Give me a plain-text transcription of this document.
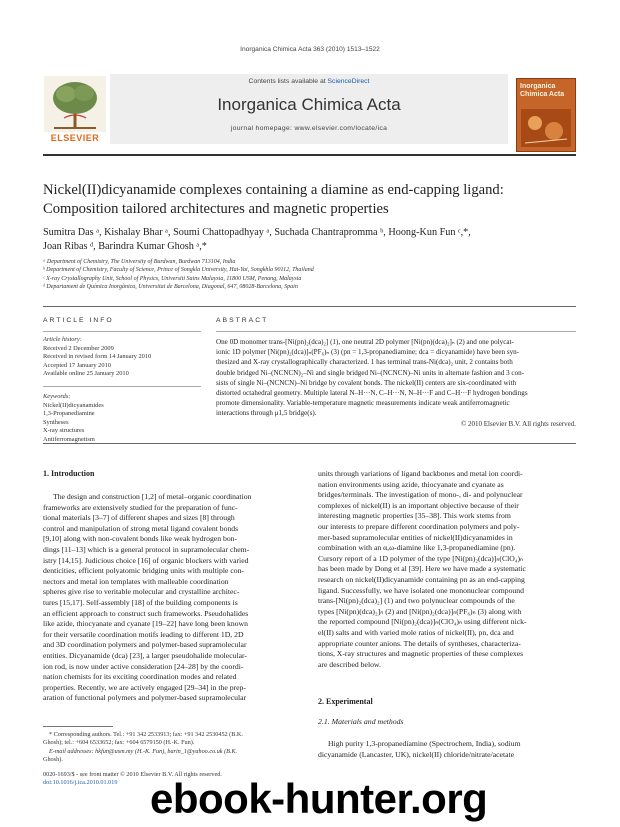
Inorganica Chimica Acta 363 (2010) 1513–1522
ELSEVIER
Contents lists available at ScienceDirect
Inorganica Chimica Acta
journal homepage: www.elsevier.com/locate/ica
Inorganica Chimica Acta
Nickel(II)dicyanamide complexes containing a diamine as end-capping ligand:
Composition tailored architectures and magnetic properties
Sumitra Das ᵃ, Kishalay Bhar ᵃ, Soumi Chattopadhyay ᵃ, Suchada Chantrapromma ᵇ, Hoong-Kun Fun ᶜ,*,
Joan Ribas ᵈ, Barindra Kumar Ghosh ᵃ,*
ᵃ Department of Chemistry, The University of Burdwan, Burdwan 713104, India
ᵇ Department of Chemistry, Faculty of Science, Prince of Songkla University, Hat-Yai, Songkhla 90112, Thailand
ᶜ X-ray Crystallography Unit, School of Physics, Universiti Sains Malaysia, 11800 USM, Penang, Malaysia
ᵈ Departament de Química Inorgànica, Universitat de Barcelona, Diagonal, 647, 08028-Barcelona, Spain
ARTICLE INFO
Article history:
Received 2 December 2009
Received in revised form 14 January 2010
Accepted 17 January 2010
Available online 25 January 2010
Keywords:
Nickel(II)dicyanamides
1,3-Propanediamine
Syntheses
X-ray structures
Antiferromagnetism
ABSTRACT
One 0D monomer trans-[Ni(pn)₂(dca)₂] (1), one neutral 2D polymer [Ni(pn)(dca)₂]ₙ (2) and one polycat-
ionic 1D polymer [Ni(pn)₂(dca)]ₙ(PF₆)ₙ (3) (pn = 1,3-propanediamine; dca = dicyanamide) have been syn-
thesized and X-ray crystallographically characterized. 1 has terminal trans-Ni(dca)₂ unit, 2 contains both
double bridged Ni–(NCNCN)₂–Ni and single bridged Ni–(NCNCN)–Ni units in alternate fashion and 3 con-
sists of single Ni–(NCNCN)–Ni bridge by covalent bonds. The nickel(II) centers are six-coordinated with
distorted octahedral geometry. Multiple lateral N–H···N, C–H···N, N–H···F and C–H···F hydrogen bondings
promote dimensionality. Variable-temperature magnetic measurements indicate weak antiferromagnetic
interactions through μ1,5 bridge(s).
© 2010 Elsevier B.V. All rights reserved.
1. Introduction
The design and construction [1,2] of metal–organic coordination
frameworks are extensively studied for the preparation of func-
tional materials [3–7] of different shapes and sizes [8] through
control and manipulation of strong metal ligand covalent bonds
[9,10] along with non-covalent bonds like weak hydrogen bon-
dings [11–13] which is a general protocol in supramolecular chem-
istry [14,15]. Judicious choice [16] of organic blockers with varied
denticities, efficient polyatomic bridging units with multiple con-
nectors and metal ion templates with malleable coordination
spheres give rise to veritable molecular and crystalline architec-
tures [15,17]. Self-assembly [18] of the building components is
an efficient approach to construct such frameworks. Pseudohalides
like azide, thiocyanate and cyanate [19–22] have long been known
for their versatile coordination motifs leading to different 1D, 2D
and 3D coordination polymers and polymer-based supramolecular
entities. Dicyanamide (dca) [23], a larger pseudohalide molecular-
ion rod, is now under active consideration [24–28] by the coordi-
nation chemists for its exciting coordination modes and related
properties. Recently, we are actively engaged [29–34] in the prep-
aration of functional polymers and polymer-based supramolecular
* Corresponding authors. Tel.: +91 342 2533913; fax: +91 342 2530452 (B.K.
Ghosh); tel.: +604 6533652; fax: +604 6579150 (H.-K. Fun).
E-mail addresses: hkfun@usm.my (H.-K. Fun), barin_1@yahoo.co.uk (B.K.
Ghosh).
0020-1693/$ - see front matter © 2010 Elsevier B.V. All rights reserved.
doi:10.1016/j.ica.2010.01.019
units through variations of ligand backbones and metal ion coordi-
nation environments using azide, thiocyanate and cyanate as
bridges/terminals. The investigation of mono-, di- and polynuclear
complexes of nickel(II) is an important objective because of their
interesting magnetic properties [35–38]. This work stems from
our interests to prepare different coordination polymers and poly-
mer-based supramolecular entities of nickel(II)dicyanamides in
combination with an α,ω-diamine like 1,3-propanediamine (pn).
Cursory report of a 1D polymer of the type [Ni(pn)₂(dca)]ₙ(ClO₄)ₙ
has been made by Dong et al [39]. Here we have made a systematic
research on nickel(II)dicyanamide containing pn as an end-capping
ligand. Successfully, we have isolated one mononuclear compound
trans-[Ni(pn)₂(dca)₂] (1) and two polynuclear compounds of the
types [Ni(pn)(dca)₂]ₙ (2) and [Ni(pn)₂(dca)]ₙ(PF₆)ₙ (3) along with
the reported compound [Ni(pn)₂(dca)]ₙ(ClO₄)ₙ using different nick-
el(II) salts and with varied mole ratios of nickel(II), pn, dca and
appropriate counter anions. The details of syntheses, characteriza-
tions, X-ray structures and magnetic properties of these complexes
are described below.
2. Experimental
2.1. Materials and methods
High purity 1,3-propanediamine (Spectrochem, India), sodium
dicyanamide (Lancaster, UK), nickel(II) chloride/nitrate/acetate
ebook-hunter.org
